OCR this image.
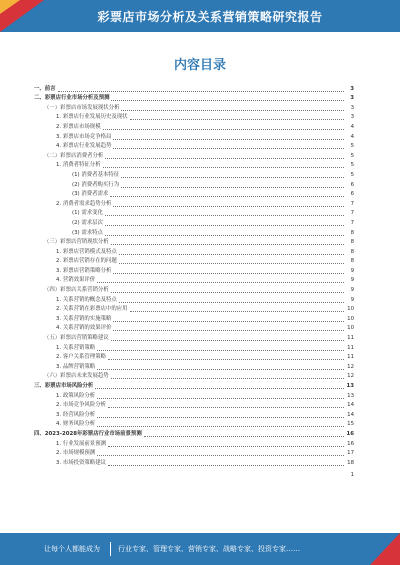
彩票店市场分析及关系营销策略研究报告
内容目录
一、前言	3
二、彩票店行业市场分析及预测	3
（一）彩票店市场发展现状分析	3
1. 彩票店行业发展历史及现状	3
2. 彩票店市场规模	4
3. 彩票店市场竞争格局	4
4. 彩票店行业发展趋势	5
（二）彩票店消费者分析	5
1. 消费者特征分析	5
(1) 消费者基本特征	5
(2) 消费者购买行为	6
(3) 消费者需求	6
2. 消费者需求趋势分析	7
(1) 需求变化	7
(2) 需求层次	7
(3) 需求特点	8
（三）彩票店营销现状分析	8
1. 彩票店营销模式及特点	8
2. 彩票店营销存在的问题	8
3. 彩票店营销策略分析	9
4. 营销效果评价	9
（四）彩票店关系营销分析	9
1. 关系营销的概念及特点	9
2. 关系营销在彩票店中的应用	10
3. 关系营销的实施策略	10
4. 关系营销的效果评价	10
（五）彩票店营销策略建议	11
1. 关系营销策略	11
2. 客户关系管理策略	11
3. 品牌营销策略	12
（六）彩票店未来发展趋势	12
三、彩票店市场风险分析	13
1. 政策风险分析	13
2. 市场竞争风险分析	14
3. 经营风险分析	14
4. 财务风险分析	15
四、2023-2028年彩票店行业市场前景预测	16
1. 行业发展前景预测	16
2. 市场规模预测	17
3. 市场投资策略建议	18
1
让每个人都能成为	行业专家、管理专家、营销专家、战略专家、投资专家……
